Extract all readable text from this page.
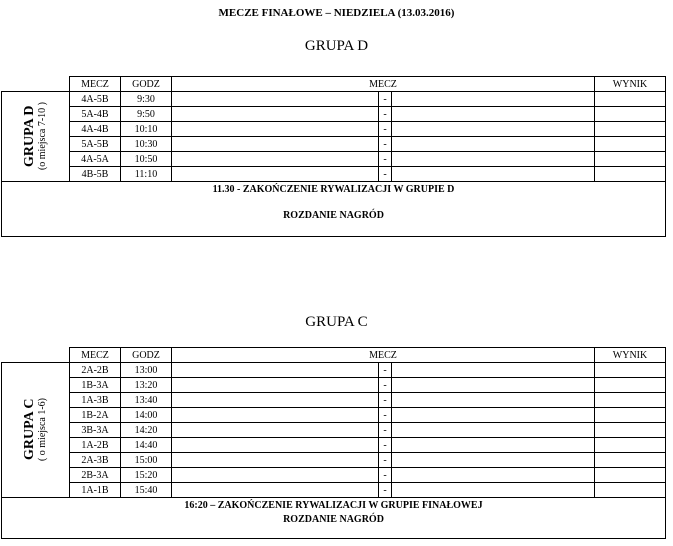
MECZE FINAŁOWE – NIEDZIELA (13.03.2016)
GRUPA D
	MECZ	GODZ	MECZ			WYNIK

GRUPA D
(o miejsca 7-10 )	4A-5B	9:30		-		
	5A-4B	9:50		-		
	4A-4B	10:10		-		
	5A-5B	10:30		-		
	4A-5A	10:50		-		
	4B-5B	11:10		-		

11.30 - ZAKOŃCZENIE RYWALIZACJI W GRUPIE D
ROZDANIE NAGRÓD						
GRUPA C
	MECZ	GODZ	MECZ			WYNIK

GRUPA C
( o miejsca 1-6)	2A-2B	13:00		-		
	1B-3A	13:20		-		
	1A-3B	13:40		-		
	1B-2A	14:00		-		
	3B-3A	14:20		-		
	1A-2B	14:40		-		
	2A-3B	15:00		-		
	2B-3A	15:20		-		
	1A-1B	15:40		-		

16:20 – ZAKOŃCZENIE RYWALIZACJI W GRUPIE FINAŁOWEJ
ROZDANIE NAGRÓD						
